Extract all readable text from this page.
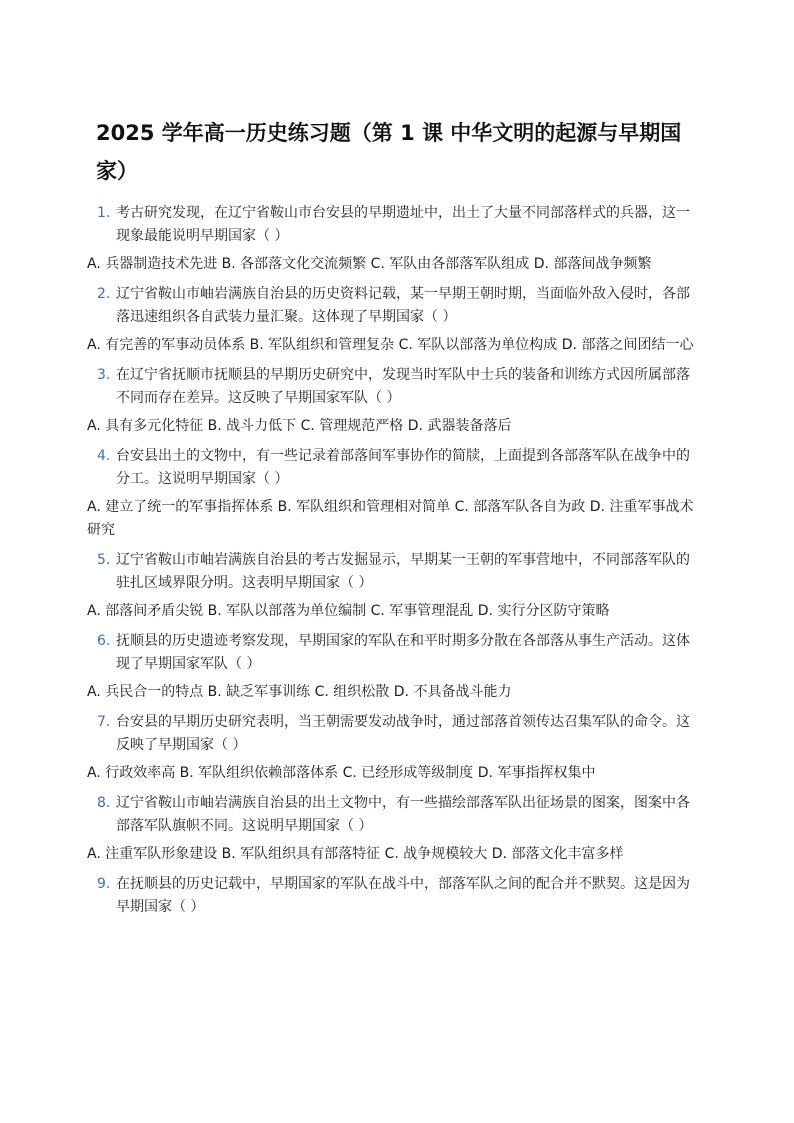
2025 学年高一历史练习题（第 1 课 中华文明的起源与早期国家）
1. 考古研究发现，在辽宁省鞍山市台安县的早期遗址中，出土了大量不同部落样式的兵器，这一现象最能说明早期国家（ ）
A. 兵器制造技术先进 B. 各部落文化交流频繁 C. 军队由各部落军队组成 D. 部落间战争频繁
2. 辽宁省鞍山市岫岩满族自治县的历史资料记载，某一早期王朝时期，当面临外敌入侵时，各部落迅速组织各自武装力量汇聚。这体现了早期国家（ ）
A. 有完善的军事动员体系 B. 军队组织和管理复杂 C. 军队以部落为单位构成 D. 部落之间团结一心
3. 在辽宁省抚顺市抚顺县的早期历史研究中，发现当时军队中士兵的装备和训练方式因所属部落不同而存在差异。这反映了早期国家军队（ ）
A. 具有多元化特征 B. 战斗力低下 C. 管理规范严格 D. 武器装备落后
4. 台安县出土的文物中，有一些记录着部落间军事协作的简牍，上面提到各部落军队在战争中的分工。这说明早期国家（ ）
A. 建立了统一的军事指挥体系 B. 军队组织和管理相对简单 C. 部落军队各自为政 D. 注重军事战术研究
5. 辽宁省鞍山市岫岩满族自治县的考古发掘显示，早期某一王朝的军事营地中，不同部落军队的驻扎区域界限分明。这表明早期国家（ ）
A. 部落间矛盾尖锐 B. 军队以部落为单位编制 C. 军事管理混乱 D. 实行分区防守策略
6. 抚顺县的历史遗迹考察发现，早期国家的军队在和平时期多分散在各部落从事生产活动。这体现了早期国家军队（ ）
A. 兵民合一的特点 B. 缺乏军事训练 C. 组织松散 D. 不具备战斗能力
7. 台安县的早期历史研究表明，当王朝需要发动战争时，通过部落首领传达召集军队的命令。这反映了早期国家（ ）
A. 行政效率高 B. 军队组织依赖部落体系 C. 已经形成等级制度 D. 军事指挥权集中
8. 辽宁省鞍山市岫岩满族自治县的出土文物中，有一些描绘部落军队出征场景的图案，图案中各部落军队旗帜不同。这说明早期国家（ ）
A. 注重军队形象建设 B. 军队组织具有部落特征 C. 战争规模较大 D. 部落文化丰富多样
9. 在抚顺县的历史记载中，早期国家的军队在战斗中，部落军队之间的配合并不默契。这是因为早期国家（ ）
